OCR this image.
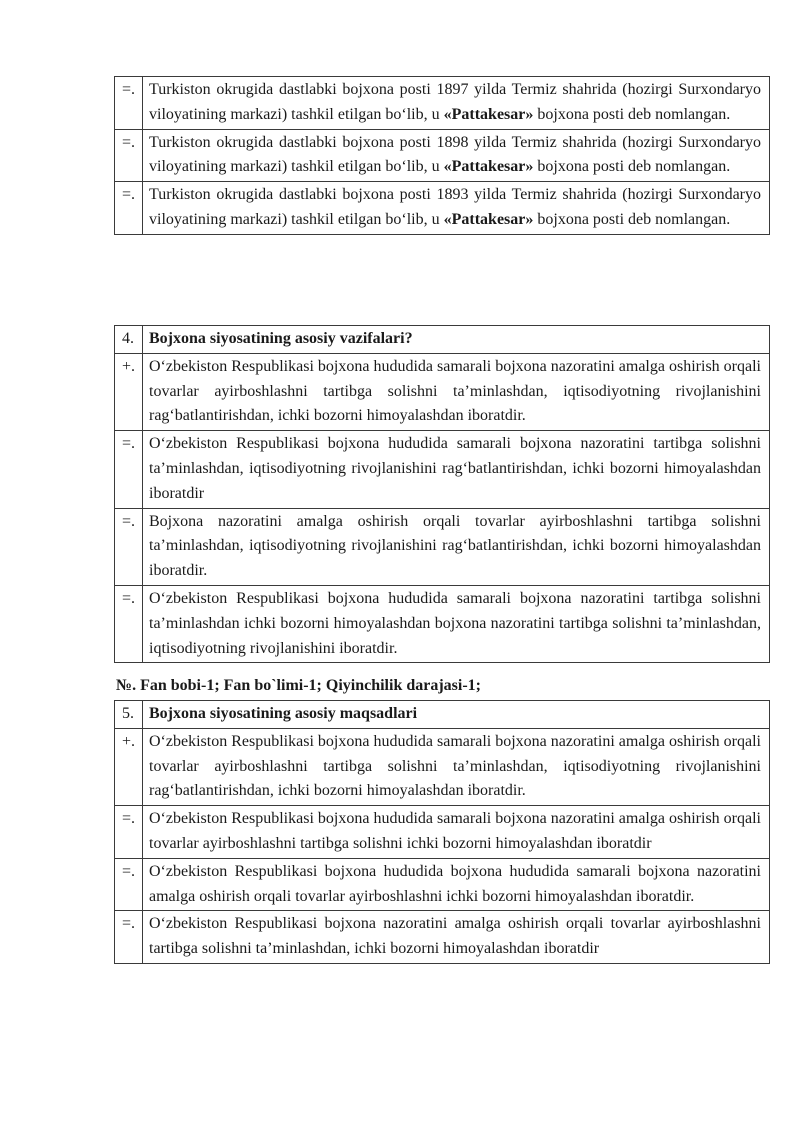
=.	Turkiston okrugida dastlabki bojxona posti 1897 yilda Termiz shahrida (hozirgi Surxondaryo viloyatining markazi) tashkil etilgan bo‘lib, u «Pattakesar» bojxona posti deb nomlangan.
=.	Turkiston okrugida dastlabki bojxona posti 1898 yilda Termiz shahrida (hozirgi Surxondaryo viloyatining markazi) tashkil etilgan bo‘lib, u «Pattakesar» bojxona posti deb nomlangan.
=.	Turkiston okrugida dastlabki bojxona posti 1893 yilda Termiz shahrida (hozirgi Surxondaryo viloyatining markazi) tashkil etilgan bo‘lib, u «Pattakesar» bojxona posti deb nomlangan.
4.	Bojxona siyosatining asosiy vazifalari?
+.	O‘zbekiston Respublikasi bojxona hududida samarali bojxona nazoratini amalga oshirish orqali tovarlar ayirboshlashni tartibga solishni ta’minlashdan, iqtisodiyotning rivojlanishini rag‘batlantirishdan, ichki bozorni himoyalashdan iboratdir.
=.	O‘zbekiston Respublikasi bojxona hududida samarali bojxona nazoratini tartibga solishni ta’minlashdan, iqtisodiyotning rivojlanishini rag‘batlantirishdan, ichki bozorni himoyalashdan iboratdir
=.	Bojxona nazoratini amalga oshirish orqali tovarlar ayirboshlashni tartibga solishni ta’minlashdan, iqtisodiyotning rivojlanishini rag‘batlantirishdan, ichki bozorni himoyalashdan iboratdir.
=.	O‘zbekiston Respublikasi bojxona hududida samarali bojxona nazoratini tartibga solishni ta’minlashdan ichki bozorni himoyalashdan bojxona nazoratini tartibga solishni ta’minlashdan, iqtisodiyotning rivojlanishini iboratdir.
№. Fan bobi-1; Fan bo`limi-1; Qiyinchilik darajasi-1;
5.	Bojxona siyosatining asosiy maqsadlari
+.	O‘zbekiston Respublikasi bojxona hududida samarali bojxona nazoratini amalga oshirish orqali tovarlar ayirboshlashni tartibga solishni ta’minlashdan, iqtisodiyotning rivojlanishini rag‘batlantirishdan, ichki bozorni himoyalashdan iboratdir.
=.	O‘zbekiston Respublikasi bojxona hududida samarali bojxona nazoratini amalga oshirish orqali tovarlar ayirboshlashni tartibga solishni ichki bozorni himoyalashdan iboratdir
=.	O‘zbekiston Respublikasi bojxona hududida bojxona hududida samarali bojxona nazoratini amalga oshirish orqali tovarlar ayirboshlashni ichki bozorni himoyalashdan iboratdir.
=.	O‘zbekiston Respublikasi bojxona nazoratini amalga oshirish orqali tovarlar ayirboshlashni tartibga solishni ta’minlashdan, ichki bozorni himoyalashdan iboratdir
